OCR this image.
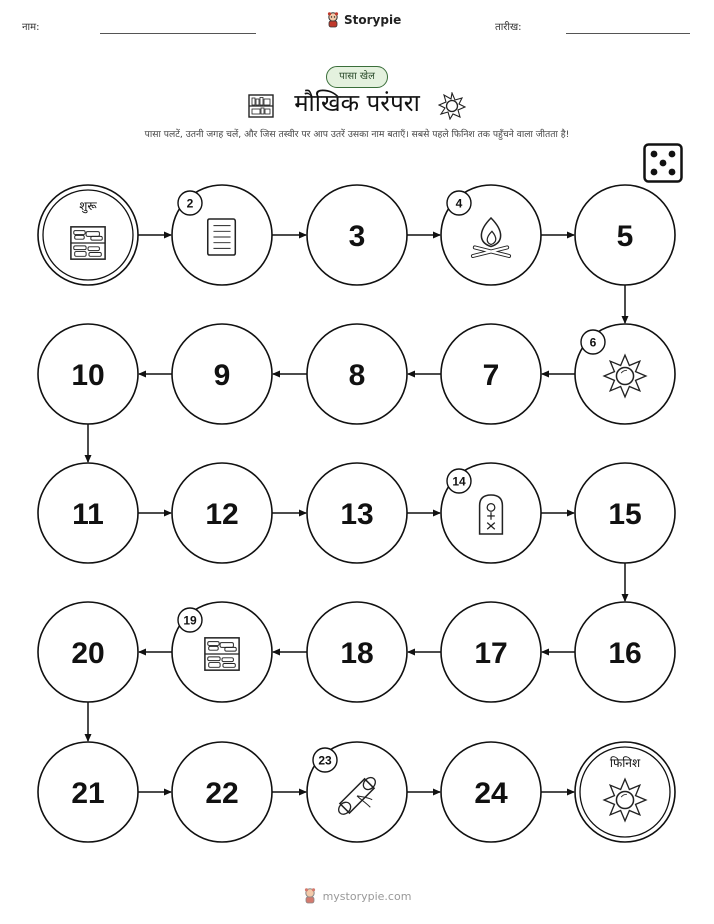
नाम:
Storypie
तारीख:
पासा खेल
मौखिक परंपरा
पासा पलटें, उतनी जगह चलें, और जिस तस्वीर पर आप उतरें उसका नाम बताएँ। सबसे पहले फिनिश तक पहुँचने वाला जीतता है!
शुरू	2
3
4
5
6
7
8
9
10
11	12	13
14
15
16
17
18
19
20
21	22
23
24
फिनिश
mystorypie.com
